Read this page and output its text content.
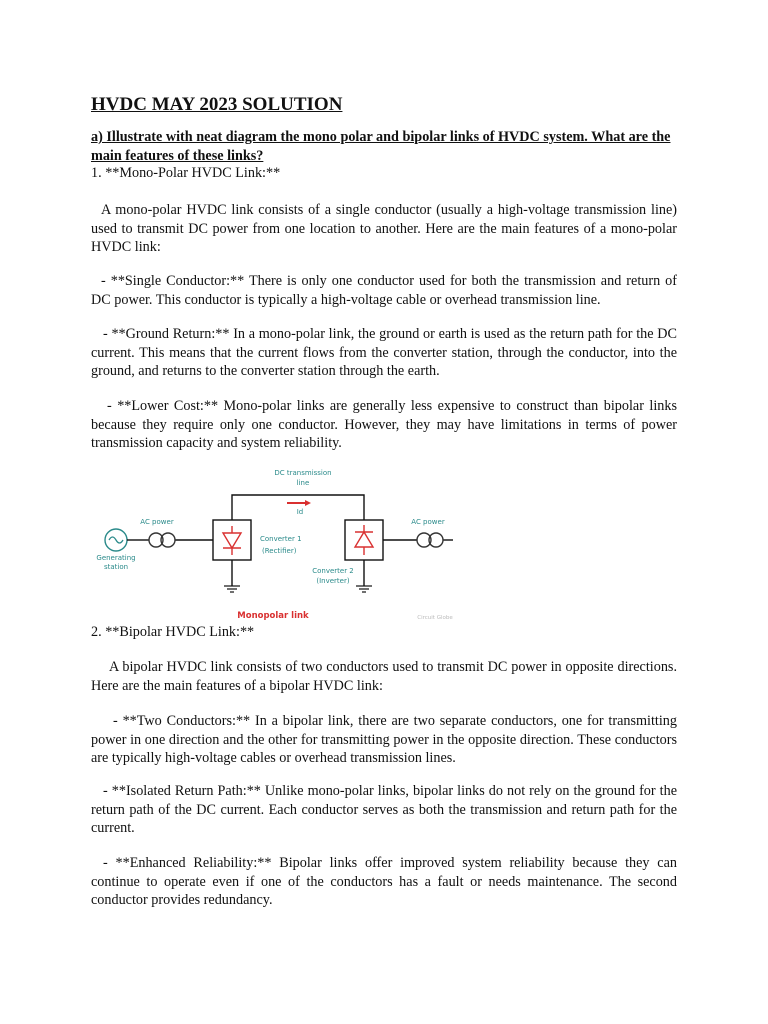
HVDC MAY 2023 SOLUTION

a) Illustrate with neat diagram the mono polar and bipolar links of HVDC system. What are the main features of these links?

1. **Mono-Polar HVDC Link:**

A mono-polar HVDC link consists of a single conductor (usually a high-voltage transmission line) used to transmit DC power from one location to another. Here are the main features of a mono-polar HVDC link:

- **Single Conductor:** There is only one conductor used for both the transmission and return of DC power. This conductor is typically a high-voltage cable or overhead transmission line.

- **Ground Return:** In a mono-polar link, the ground or earth is used as the return path for the DC current. This means that the current flows from the converter station, through the conductor, into the ground, and returns to the converter station through the earth.

- **Lower Cost:** Mono-polar links are generally less expensive to construct than bipolar links because they require only one conductor. However, they may have limitations in terms of power transmission capacity and system reliability.

DC transmission
line
Id
AC power	AC power
Generating
station
Converter 1
(Rectifier)
Converter 2
(Inverter)
Monopolar link	Circuit Globe

2. **Bipolar HVDC Link:**

A bipolar HVDC link consists of two conductors used to transmit DC power in opposite directions. Here are the main features of a bipolar HVDC link:

- **Two Conductors:** In a bipolar link, there are two separate conductors, one for transmitting power in one direction and the other for transmitting power in the opposite direction. These conductors are typically high-voltage cables or overhead transmission lines.

- **Isolated Return Path:** Unlike mono-polar links, bipolar links do not rely on the ground for the return path of the DC current. Each conductor serves as both the transmission and return path for the current.

- **Enhanced Reliability:** Bipolar links offer improved system reliability because they can continue to operate even if one of the conductors has a fault or needs maintenance. The second conductor provides redundancy.
